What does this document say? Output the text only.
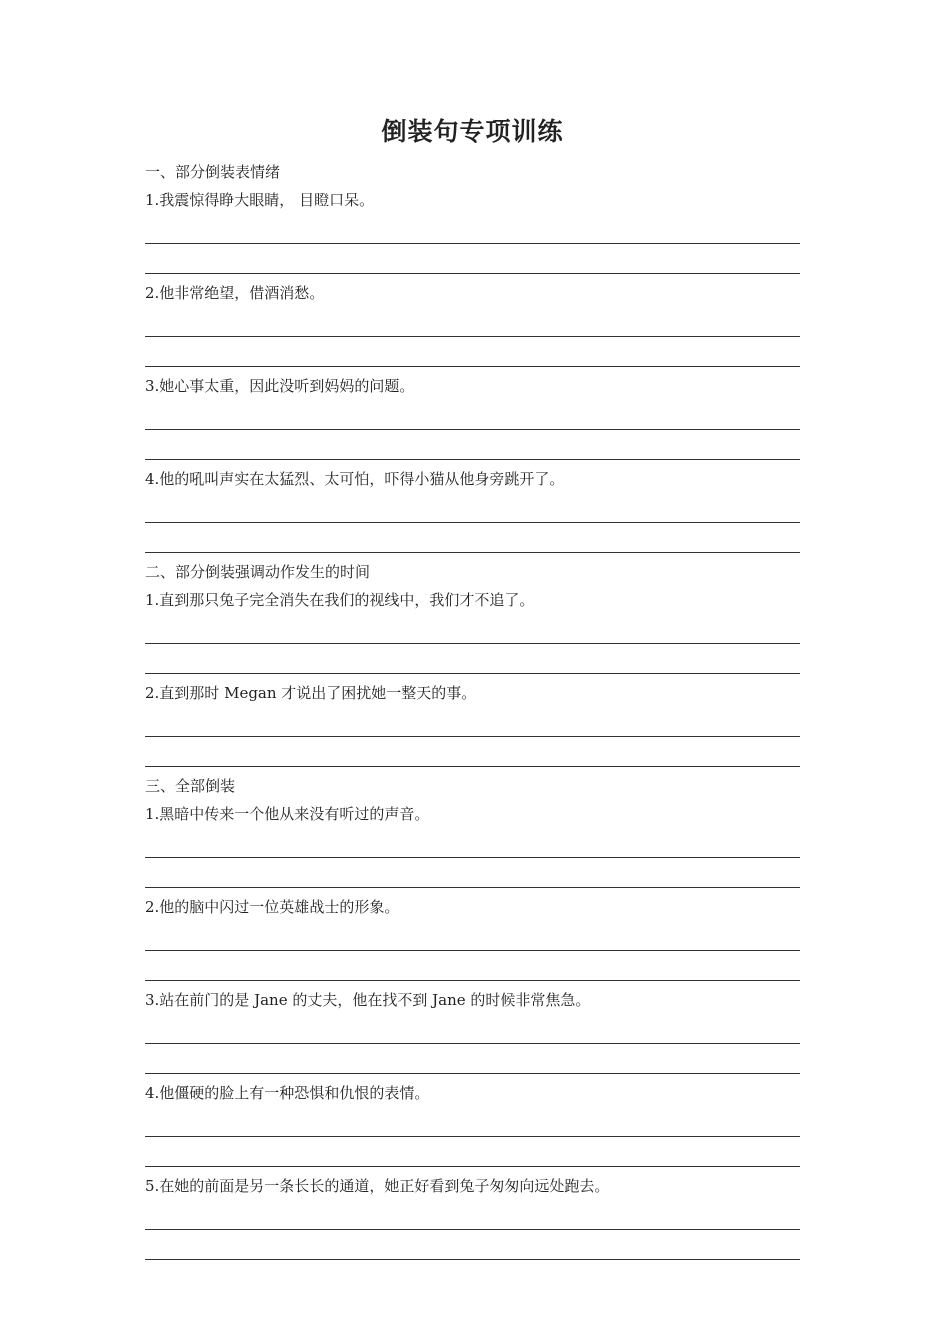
倒装句专项训练
一、部分倒装表情绪
1.我震惊得睁大眼睛， 目瞪口呆。
2.他非常绝望，借酒消愁。
3.她心事太重，因此没听到妈妈的问题。
4.他的吼叫声实在太猛烈、太可怕，吓得小猫从他身旁跳开了。
二、部分倒装强调动作发生的时间
1.直到那只兔子完全消失在我们的视线中，我们才不追了。
2.直到那时 Megan 才说出了困扰她一整天的事。
三、全部倒装
1.黑暗中传来一个他从来没有听过的声音。
2.他的脑中闪过一位英雄战士的形象。
3.站在前门的是 Jane 的丈夫，他在找不到 Jane 的时候非常焦急。
4.他僵硬的脸上有一种恐惧和仇恨的表情。
5.在她的前面是另一条长长的通道，她正好看到兔子匆匆向远处跑去。
